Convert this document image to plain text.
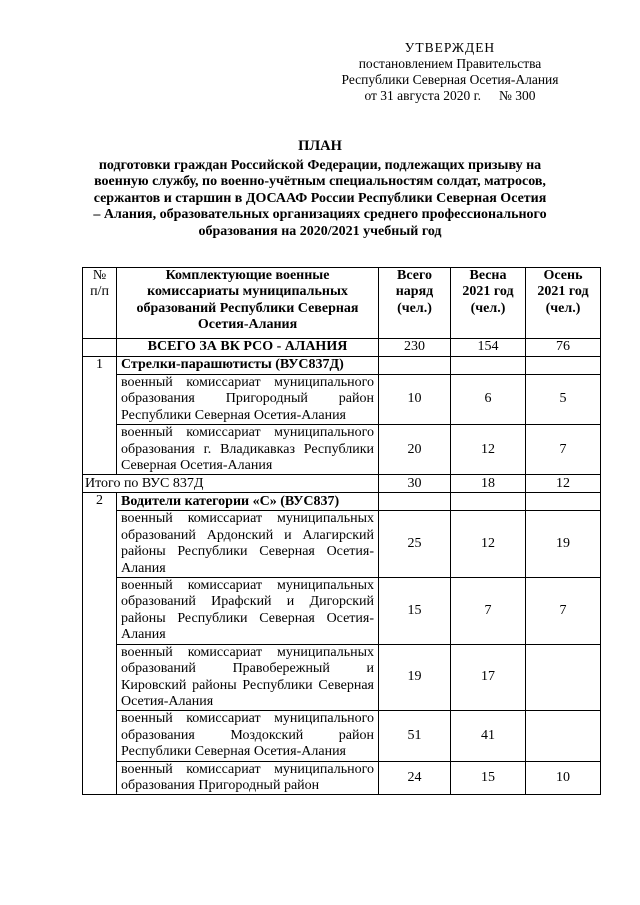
УТВЕРЖДЕН
постановлением Правительства
Республики Северная Осетия-Алания
от 31 августа 2020 г. № 300
ПЛАН
подготовки граждан Российской Федерации, подлежащих призыву на военную службу, по военно-учётным специальностям солдат, матросов, сержантов и старшин в ДОСААФ России Республики Северная Осетия – Алания, образовательных организациях среднего профессионального образования на 2020/2021 учебный год
№ п/п	Комплектующие военные комиссариаты муниципальных образований Республики Северная Осетия-Алания	Всего наряд (чел.)	Весна 2021 год (чел.)	Осень 2021 год (чел.)
	ВСЕГО ЗА ВК РСО - АЛАНИЯ	230	154	76
1	Стрелки-парашютисты (ВУС837Д)			
	военный комиссариат муниципального образования Пригородный район Республики Северная Осетия-Алания	10	6	5
	военный комиссариат муниципального образования г. Владикавказ Республики Северная Осетия-Алания	20	12	7
Итого по ВУС 837Д		30	18	12
2	Водители категории «С» (ВУС837)			
	военный комиссариат муниципальных образований Ардонский и Алагирский районы Республики Северная Осетия-Алания	25	12	19
	военный комиссариат муниципальных образований Ирафский и Дигорский районы Республики Северная Осетия-Алания	15	7	7
	военный комиссариат муниципальных образований Правобережный и Кировский районы Республики Северная Осетия-Алания	19	17	
	военный комиссариат муниципального образования Моздокский район Республики Северная Осетия-Алания	51	41	
	военный комиссариат муниципального образования Пригородный район	24	15	10
